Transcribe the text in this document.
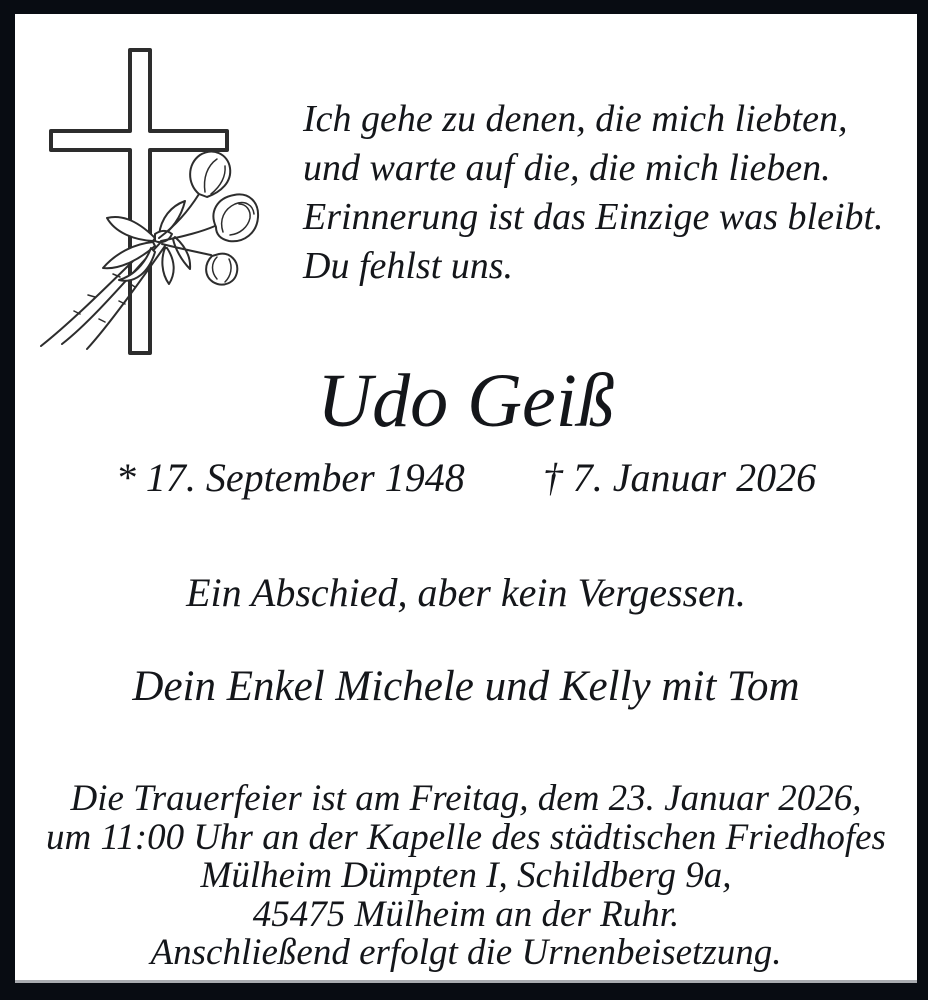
Ich gehe zu denen, die mich liebten,
und warte auf die, die mich lieben.
Erinnerung ist das Einzige was bleibt.
Du fehlst uns.
Udo Geiß
* 17. September 1948 † 7. Januar 2026
Ein Abschied, aber kein Vergessen.
Dein Enkel Michele und Kelly mit Tom
Die Trauerfeier ist am Freitag, dem 23. Januar 2026,
um 11:00 Uhr an der Kapelle des städtischen Friedhofes
Mülheim Dümpten I, Schildberg 9a,
45475 Mülheim an der Ruhr.
Anschließend erfolgt die Urnenbeisetzung.
